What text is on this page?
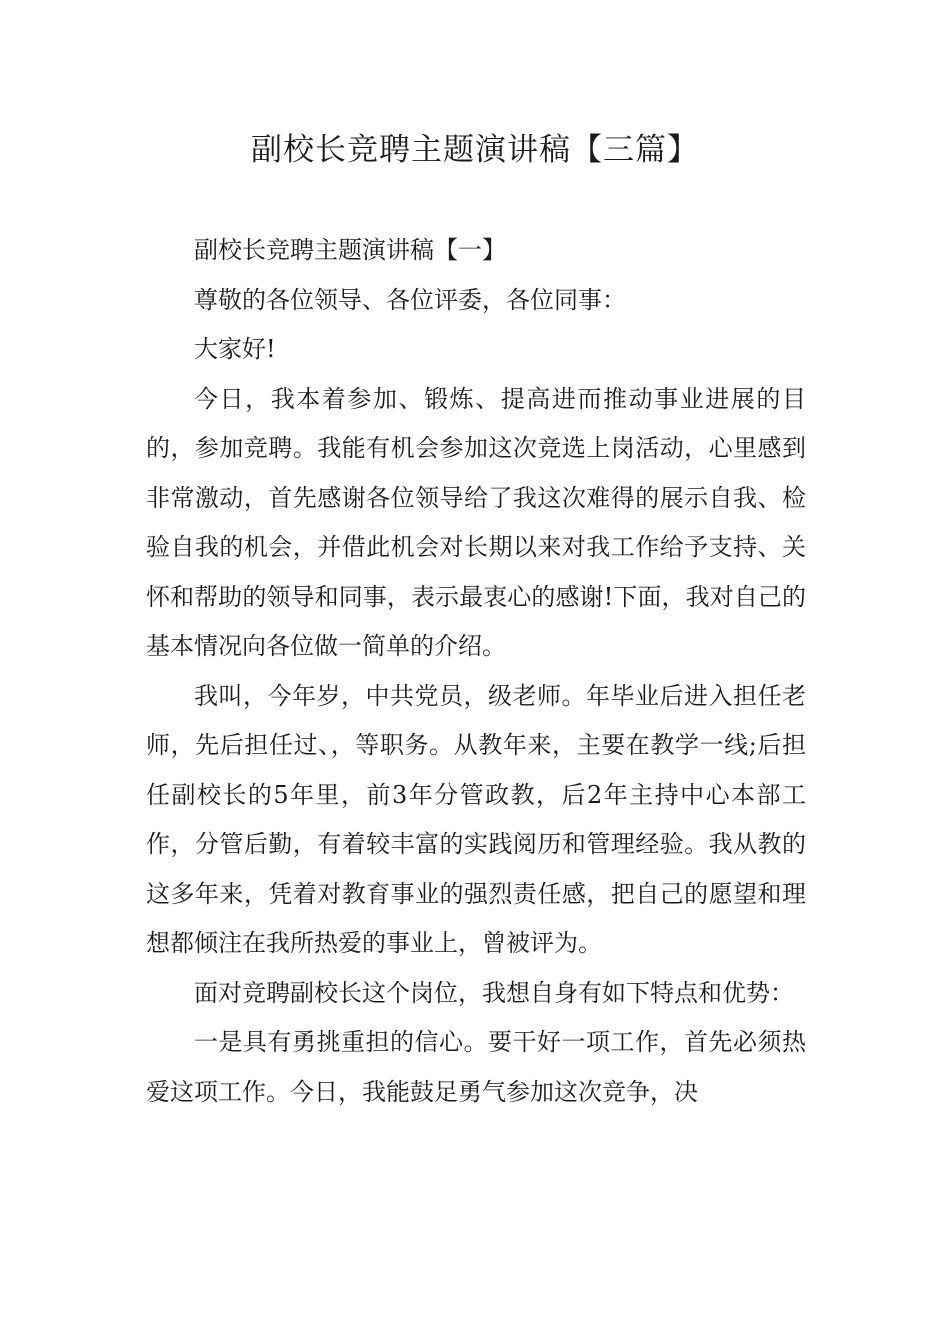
副校长竞聘主题演讲稿【三篇】

副校长竞聘主题演讲稿【一】

尊敬的各位领导、各位评委，各位同事：

大家好!

今日，我本着参加、锻炼、提高进而推动事业进展的目的，参加竞聘。我能有机会参加这次竞选上岗活动，心里感到非常激动，首先感谢各位领导给了我这次难得的展示自我、检验自我的机会，并借此机会对长期以来对我工作给予支持、关怀和帮助的领导和同事，表示最衷心的感谢!下面，我对自己的基本情况向各位做一简单的介绍。

我叫，今年岁，中共党员，级老师。年毕业后进入担任老师，先后担任过、，等职务。从教年来，主要在教学一线;后担任副校长的5年里，前3年分管政教，后2年主持中心本部工作，分管后勤，有着较丰富的实践阅历和管理经验。我从教的这多年来，凭着对教育事业的强烈责任感，把自己的愿望和理想都倾注在我所热爱的事业上，曾被评为。

面对竞聘副校长这个岗位，我想自身有如下特点和优势：

一是具有勇挑重担的信心。要干好一项工作，首先必须热爱这项工作。今日，我能鼓足勇气参加这次竞争，决
